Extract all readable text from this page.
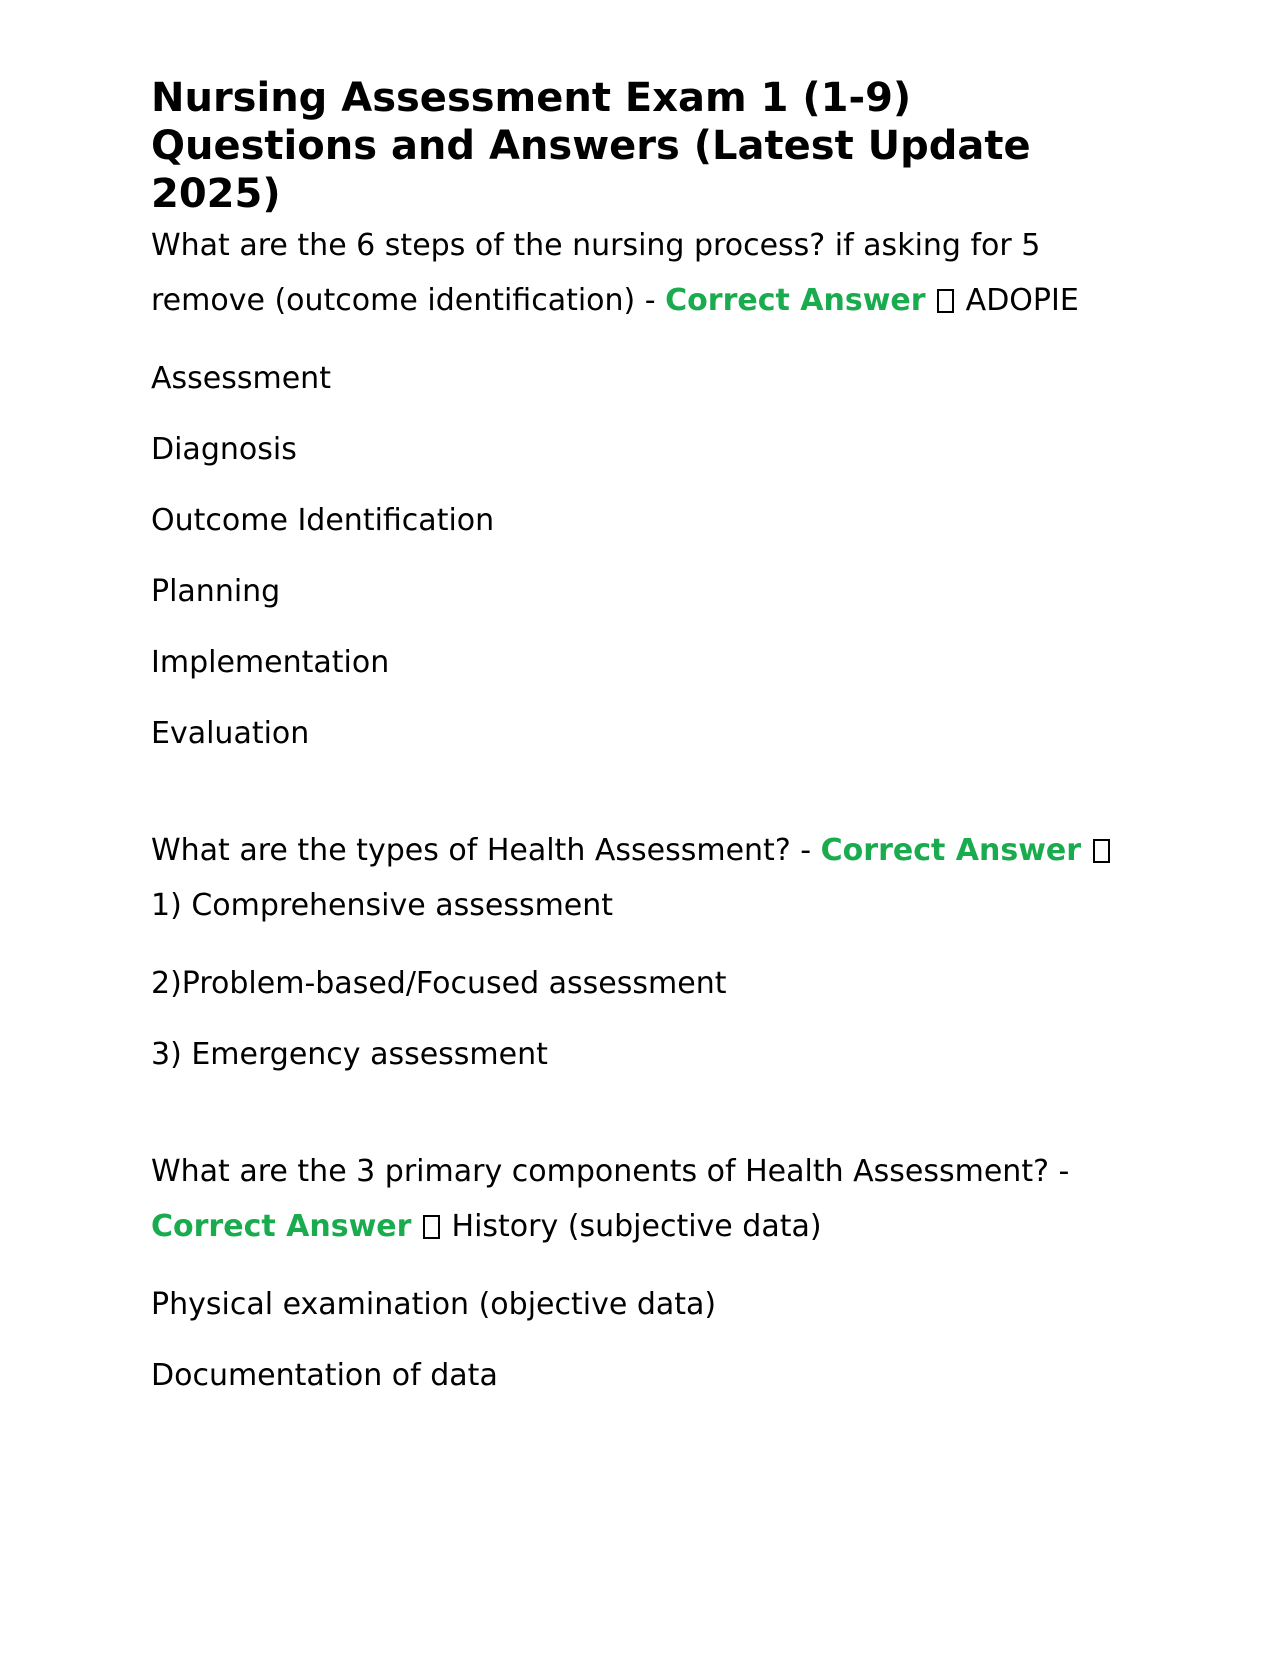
Nursing Assessment Exam 1 (1-9) Questions and Answers (Latest Update 2025)

What are the 6 steps of the nursing process? if asking for 5 remove (outcome identification) - Correct Answer ADOPIE

Assessment

Diagnosis

Outcome Identification

Planning

Implementation

Evaluation

What are the types of Health Assessment? - Correct Answer  1) Comprehensive assessment

2)Problem-based/Focused assessment

3) Emergency assessment

What are the 3 primary components of Health Assessment? - Correct Answer History (subjective data)

Physical examination (objective data)

Documentation of data
